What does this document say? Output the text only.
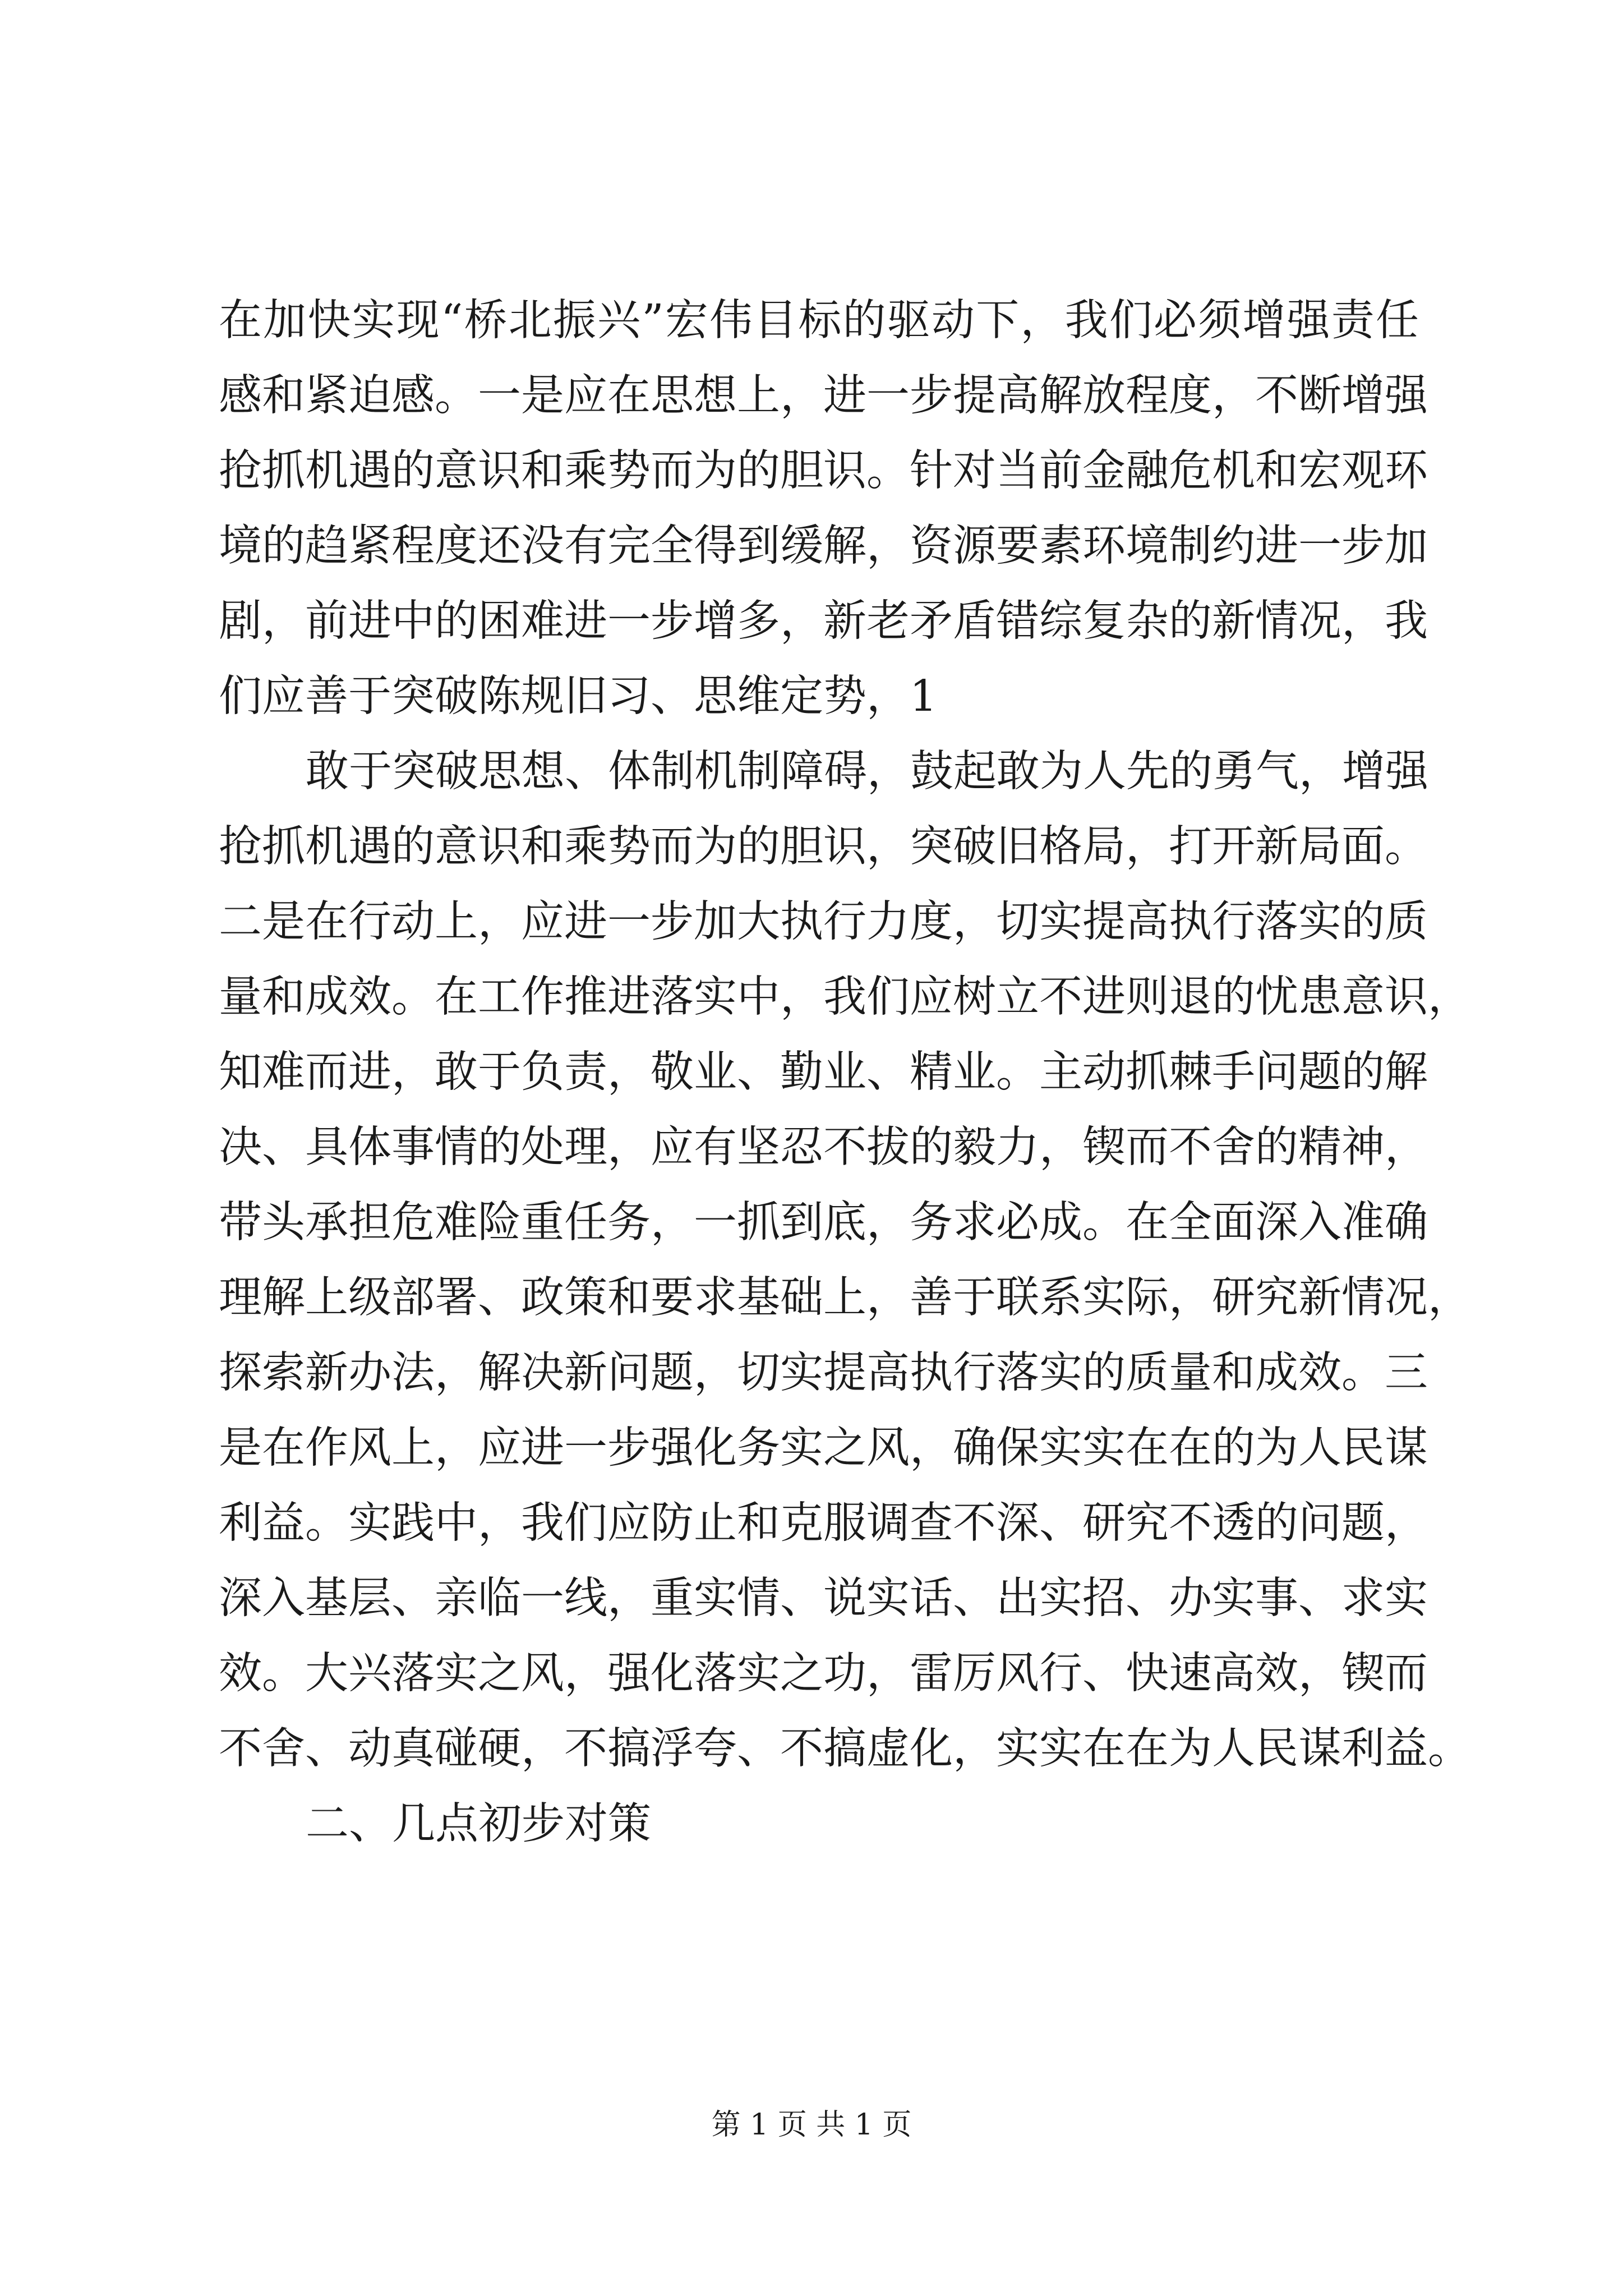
在加快实现“桥北振兴”宏伟目标的驱动下，我们必须增强责任
感和紧迫感。一是应在思想上，进一步提高解放程度，不断增强
抢抓机遇的意识和乘势而为的胆识。针对当前金融危机和宏观环
境的趋紧程度还没有完全得到缓解，资源要素环境制约进一步加
剧，前进中的困难进一步增多，新老矛盾错综复杂的新情况，我
们应善于突破陈规旧习、思维定势，1
敢于突破思想、体制机制障碍，鼓起敢为人先的勇气，增强
抢抓机遇的意识和乘势而为的胆识，突破旧格局，打开新局面。
二是在行动上，应进一步加大执行力度，切实提高执行落实的质
量和成效。在工作推进落实中，我们应树立不进则退的忧患意识，
知难而进，敢于负责，敬业、勤业、精业。主动抓棘手问题的解
决、具体事情的处理，应有坚忍不拔的毅力，锲而不舍的精神，
带头承担危难险重任务，一抓到底，务求必成。在全面深入准确
理解上级部署、政策和要求基础上，善于联系实际，研究新情况，
探索新办法，解决新问题，切实提高执行落实的质量和成效。三
是在作风上，应进一步强化务实之风，确保实实在在的为人民谋
利益。实践中，我们应防止和克服调查不深、研究不透的问题，
深入基层、亲临一线，重实情、说实话、出实招、办实事、求实
效。大兴落实之风，强化落实之功，雷厉风行、快速高效，锲而
不舍、动真碰硬，不搞浮夸、不搞虚化，实实在在为人民谋利益。
二、几点初步对策
第 1 页 共 1 页
